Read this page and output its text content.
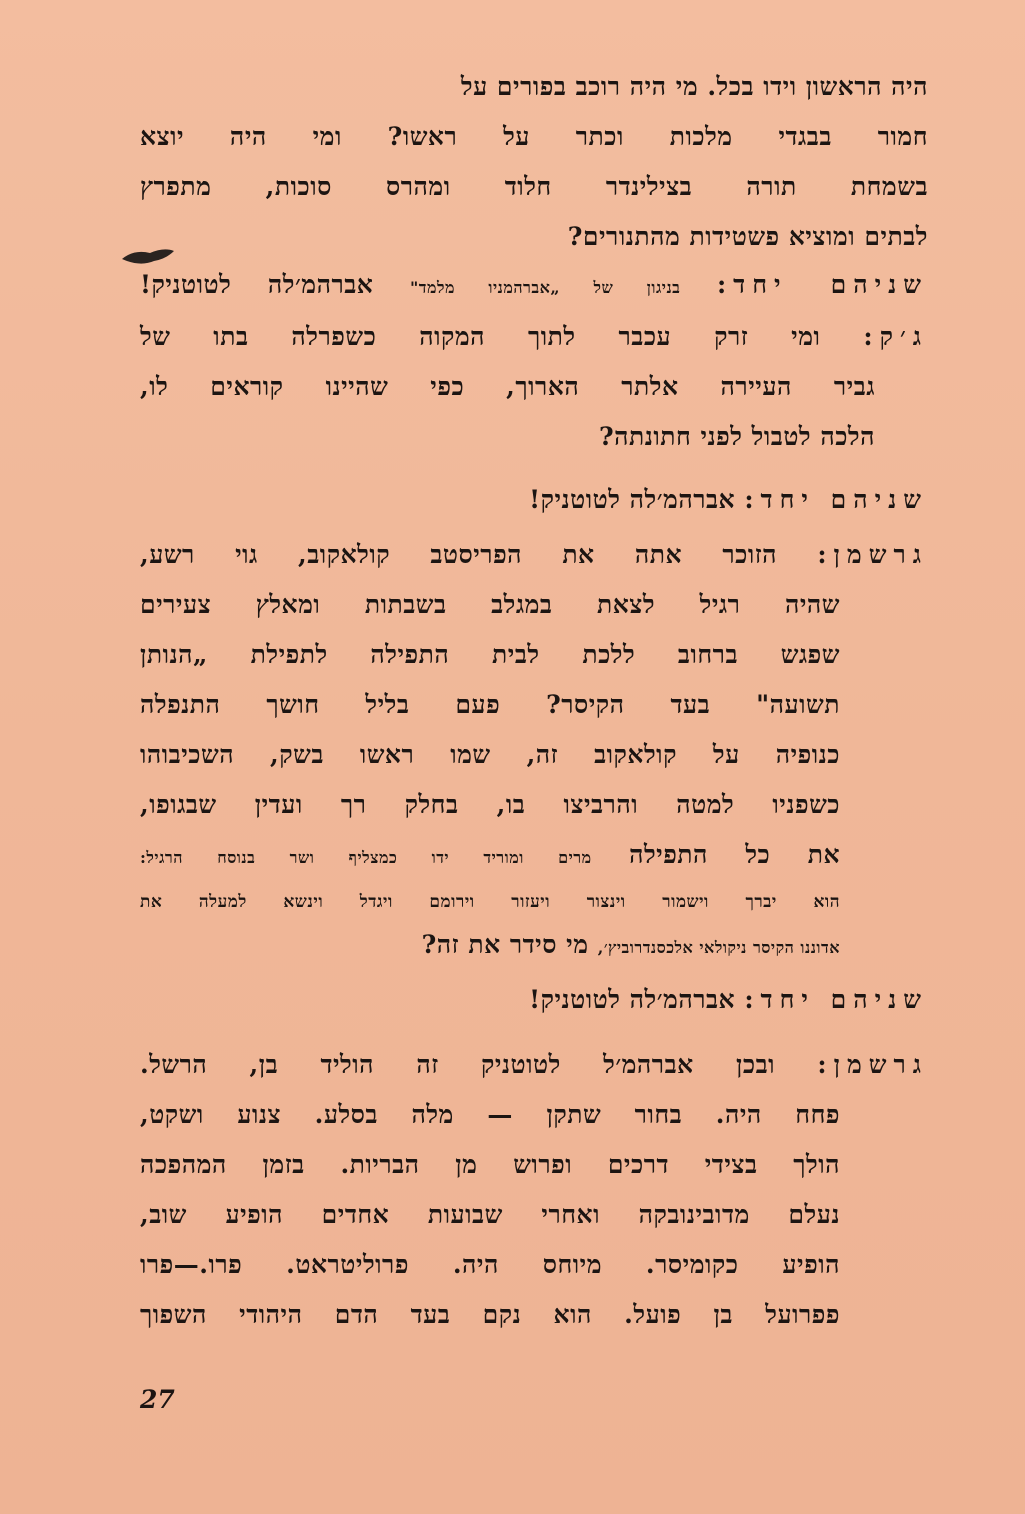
היה הראשון וידו בכל. מי היה רוכב בפורים על
חמור בבגדי מלכות וכתר על ראשו? ומי היה יוצא
בשמחת תורה בצילינדר חלוד ומהרס סוכות, מתפרץ
לבתים ומוציא פשטידות מהתנורים?
שניהם יחד: בניגון של „אברהמניו מלמד" אברהמ׳לה לטוטניק!
ג׳ק: ומי זרק עכבר לתוך המקוה כשפרלה בתו של
גביר העיירה אלתר הארוך, כפי שהיינו קוראים לו,
הלכה לטבול לפני חתונתה?
שניהם יחד: אברהמ׳לה לטוטניק!
גרשמן: הזוכר אתה את הפריסטב קולאקוב, גוי רשע,
שהיה רגיל לצאת במגלב בשבתות ומאלץ צעירים
שפגש ברחוב ללכת לבית התפילה לתפילת „הנותן
תשועה" בעד הקיסר? פעם בליל חושך התנפלה
כנופיה על קולאקוב זה, שמו ראשו בשק, השכיבוהו
כשפניו למטה והרביצו בו, בחלק רך ועדין שבגופו,
את כל התפילה מרים ומוריד ידו כמצליף ושר בנוסח הרגיל:
הוא יברך וישמור וינצור ויעזור וירומם ויגדל וינשא למעלה את
אדוננו הקיסר ניקולאי אלכסנדרוביץ׳, מי סידר את זה?
שניהם יחד: אברהמ׳לה לטוטניק!
גרשמן: ובכן אברהמ׳ל לטוטניק זה הוליד בן, הרשל.
פחח היה. בחור שתקן — מלה בסלע. צנוע ושקט,
הולך בצידי דרכים ופרוש מן הבריות. בזמן המהפכה
נעלם מדובינובקה ואחרי שבועות אחדים הופיע שוב,
הופיע כקומיסר. מיוחס היה. פרוליטראט. פרו.—פרו
פפרועל בן פועל. הוא נקם בעד הדם היהודי השפוך
27
